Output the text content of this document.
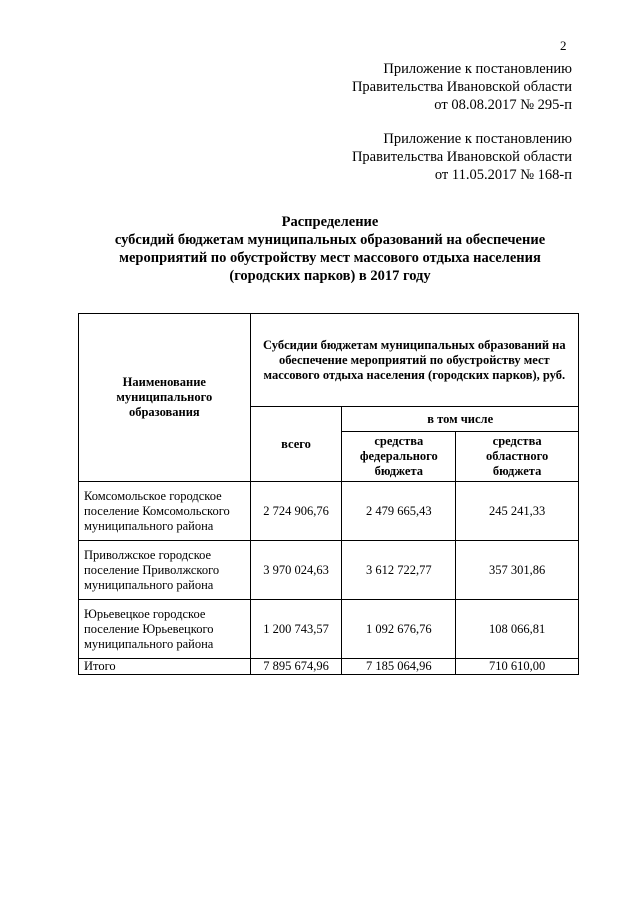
2
Приложение к постановлению
Правительства Ивановской области
от 08.08.2017 № 295-п
Приложение к постановлению
Правительства Ивановской области
от 11.05.2017 № 168-п
Распределение
субсидий бюджетам муниципальных образований на обеспечение
мероприятий по обустройству мест массового отдыха населения
(городских парков) в 2017 году
Наименование муниципального образования	Субсидии бюджетам муниципальных образований на обеспечение мероприятий по обустройству мест массового отдыха населения (городских парков), руб.		
	всего	в том числе	
		средства федерального бюджета	средства областного бюджета
Комсомольское городское поселение Комсомольского муниципального района	2 724 906,76	2 479 665,43	245 241,33
Приволжское городское поселение Приволжского муниципального района	3 970 024,63	3 612 722,77	357 301,86
Юрьевецкое городское поселение Юрьевецкого муниципального района	1 200 743,57	1 092 676,76	108 066,81
Итого	7 895 674,96	7 185 064,96	710 610,00
